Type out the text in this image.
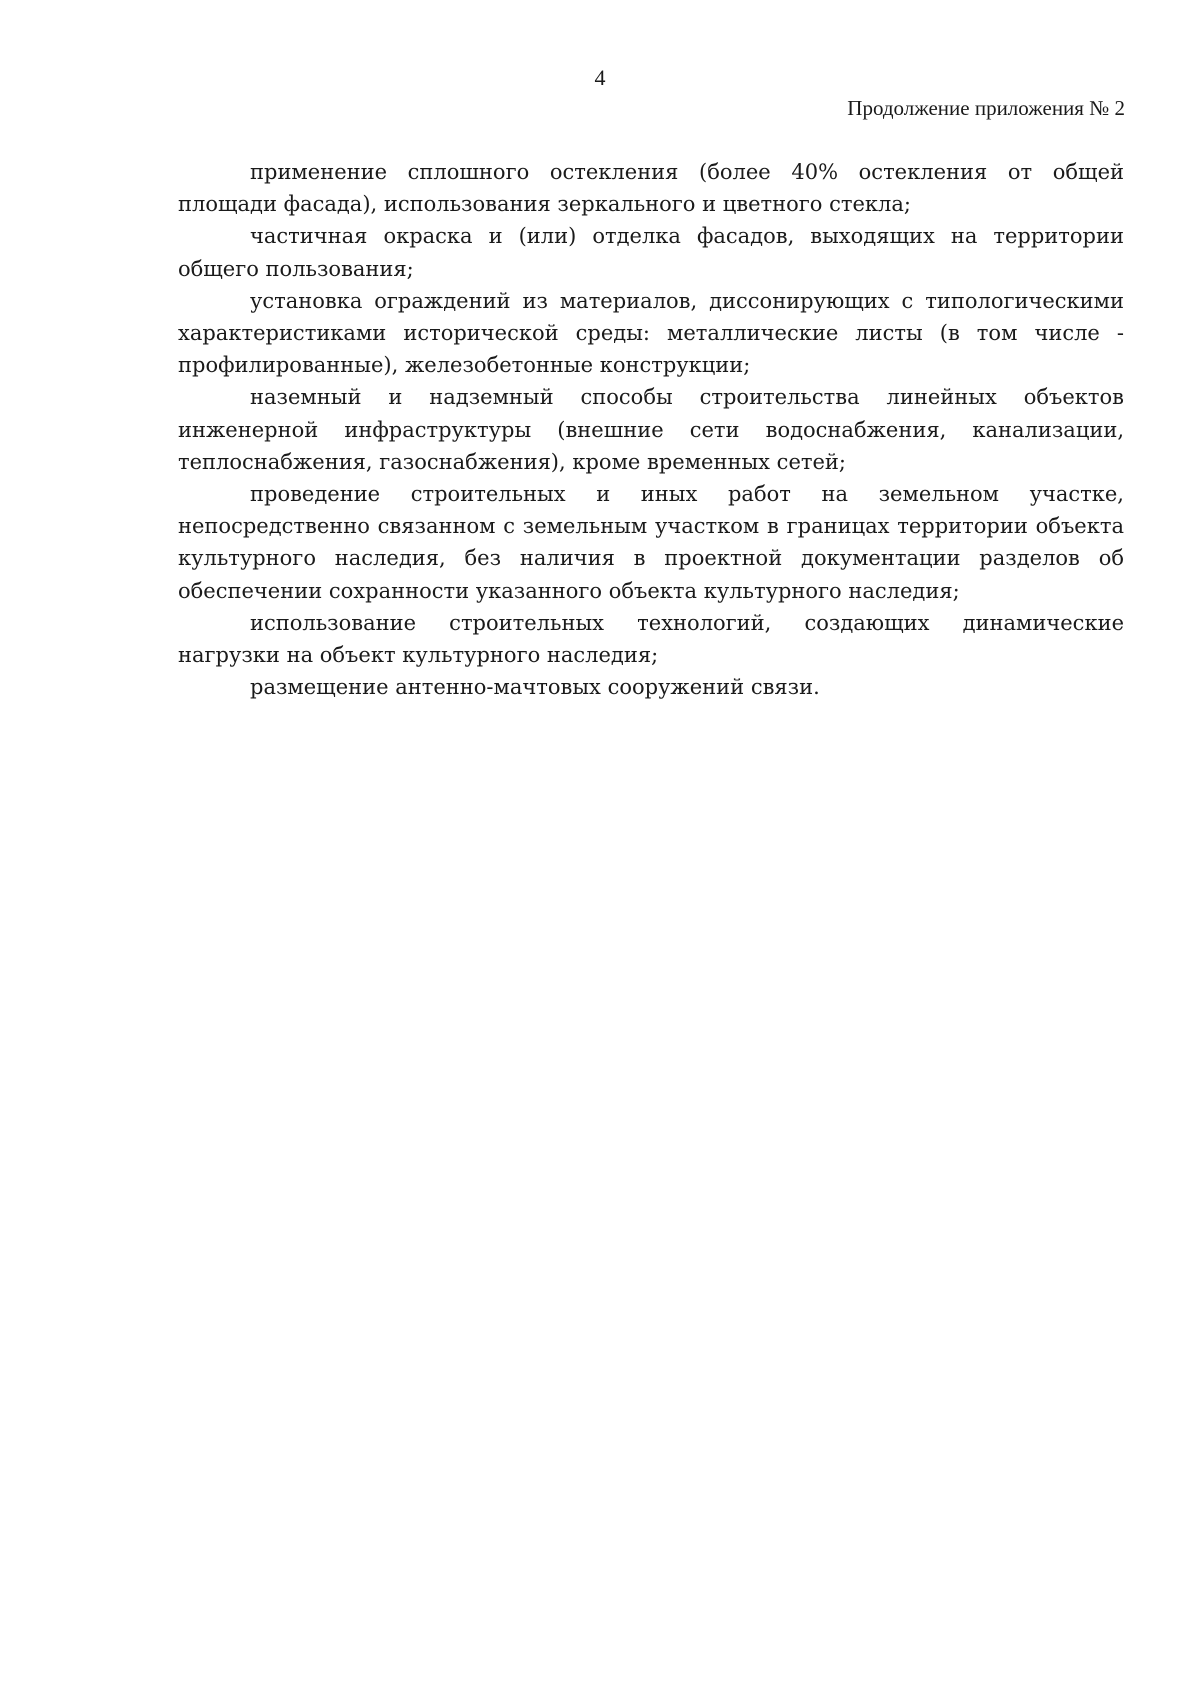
4
Продолжение приложения № 2

применение сплошного остекления (более 40% остекления от общей площади фасада), использования зеркального и цветного стекла;

частичная окраска и (или) отделка фасадов, выходящих на территории общего пользования;

установка ограждений из материалов, диссонирующих с типологическими характеристиками исторической среды: металлические листы (в том числе - профилированные), железобетонные конструкции;

наземный и надземный способы строительства линейных объектов инженерной инфраструктуры (внешние сети водоснабжения, канализации, теплоснабжения, газоснабжения), кроме временных сетей;

проведение строительных и иных работ на земельном участке, непосредственно связанном с земельным участком в границах территории объекта культурного наследия, без наличия в проектной документации разделов об обеспечении сохранности указанного объекта культурного наследия;

использование строительных технологий, создающих динамические нагрузки на объект культурного наследия;

размещение антенно-мачтовых сооружений связи.
